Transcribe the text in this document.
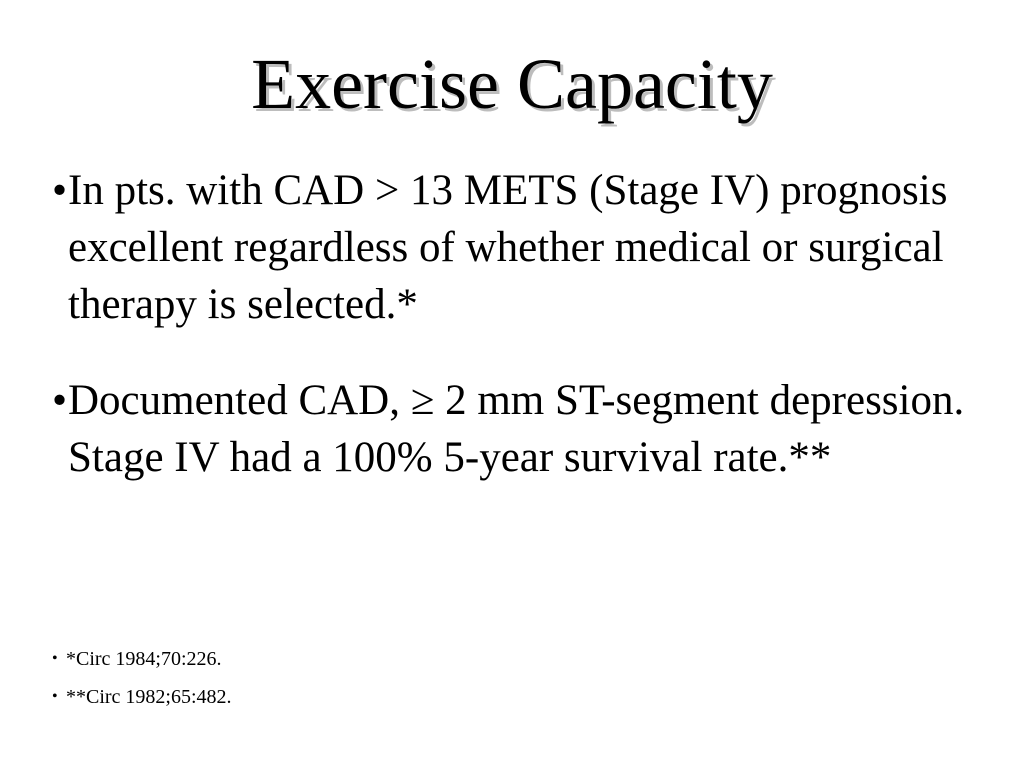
Exercise Capacity
• In pts. with CAD > 13 METS (Stage IV) prognosis excellent regardless of whether medical or surgical therapy is selected.*
• Documented CAD, ≥ 2 mm ST-segment depression. Stage IV had a 100% 5-year survival rate.**
• *Circ 1984;70:226.
• **Circ 1982;65:482.
